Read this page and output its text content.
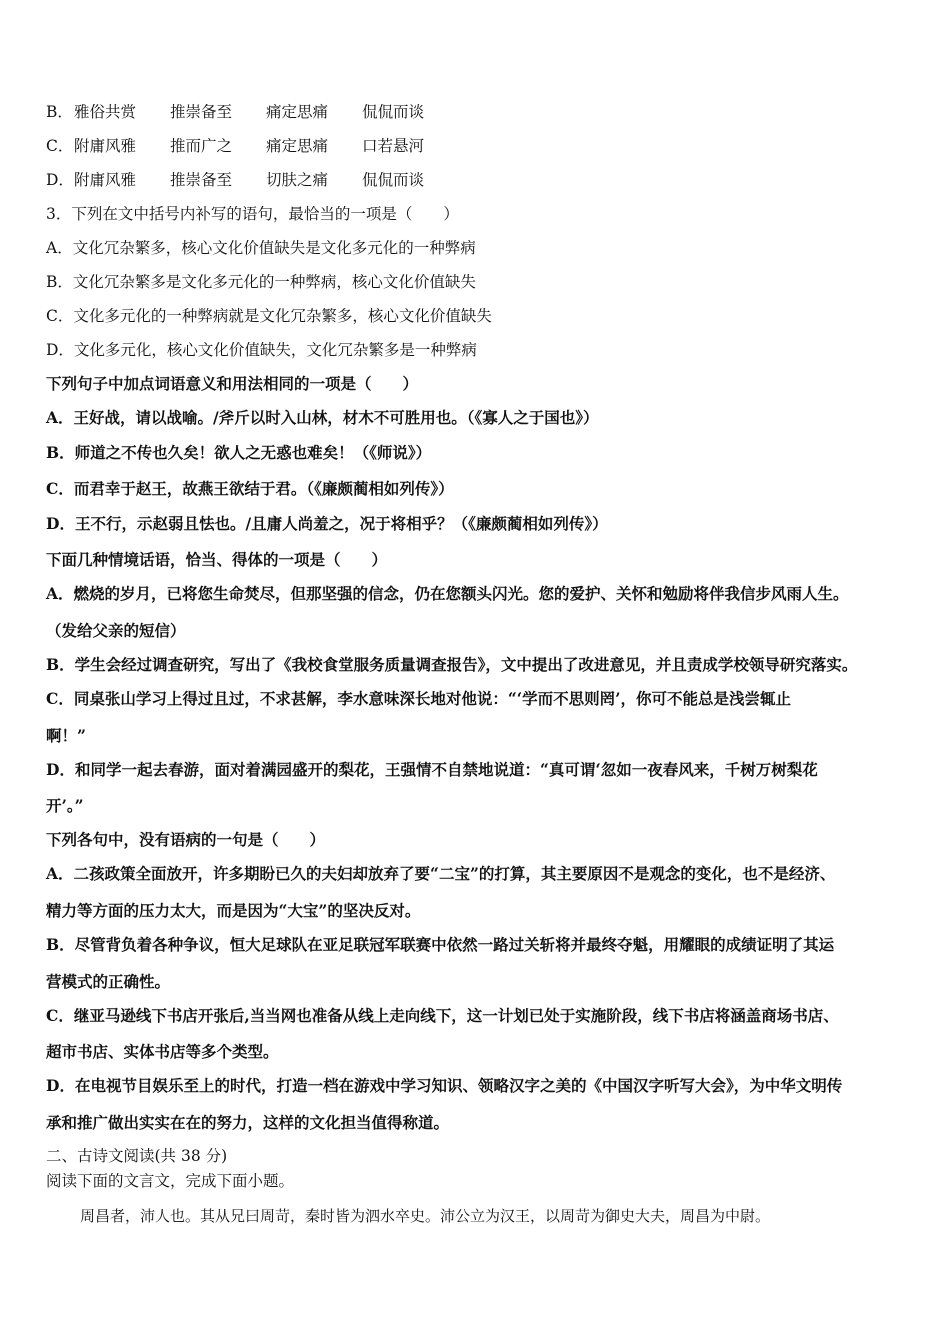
B．雅俗共赏 推崇备至 痛定思痛 侃侃而谈
C．附庸风雅 推而广之 痛定思痛 口若悬河
D．附庸风雅 推崇备至 切肤之痛 侃侃而谈
3．下列在文中括号内补写的语句，最恰当的一项是（　　）
A．文化冗杂繁多，核心文化价值缺失是文化多元化的一种弊病
B．文化冗杂繁多是文化多元化的一种弊病，核心文化价值缺失
C．文化多元化的一种弊病就是文化冗杂繁多，核心文化价值缺失
D．文化多元化，核心文化价值缺失，文化冗杂繁多是一种弊病
下列句子中加点词语意义和用法相同的一项是（　　）
A．王好战，请以战喻。/斧斤以时入山林，材木不可胜用也。（《寡人之于国也》）
B．师道之不传也久矣！欲人之无惑也难矣！（《师说》）
C．而君幸于赵王，故燕王欲结于君。（《廉颇蔺相如列传》）
D．王不行，示赵弱且怯也。/且庸人尚羞之，况于将相乎？（《廉颇蔺相如列传》）
下面几种情境话语，恰当、得体的一项是（　　）
A．燃烧的岁月，已将您生命焚尽，但那坚强的信念，仍在您额头闪光。您的爱护、关怀和勉励将伴我信步风雨人生。
（发给父亲的短信）
B．学生会经过调查研究，写出了《我校食堂服务质量调查报告》，文中提出了改进意见，并且责成学校领导研究落实。
C．同桌张山学习上得过且过，不求甚解，李水意味深长地对他说：“‘学而不思则罔’，你可不能总是浅尝辄止
啊！”
D．和同学一起去春游，面对着满园盛开的梨花，王强情不自禁地说道：“真可谓‘忽如一夜春风来，千树万树梨花
开’。”
下列各句中，没有语病的一句是（　　）
A．二孩政策全面放开，许多期盼已久的夫妇却放弃了要“二宝”的打算，其主要原因不是观念的变化，也不是经济、
精力等方面的压力太大，而是因为“大宝”的坚决反对。
B．尽管背负着各种争议，恒大足球队在亚足联冠军联赛中依然一路过关斩将并最终夺魁，用耀眼的成绩证明了其运
营模式的正确性。
C．继亚马逊线下书店开张后,当当网也准备从线上走向线下，这一计划已处于实施阶段，线下书店将涵盖商场书店、
超市书店、实体书店等多个类型。
D．在电视节目娱乐至上的时代，打造一档在游戏中学习知识、领略汉字之美的《中国汉字听写大会》，为中华文明传
承和推广做出实实在在的努力，这样的文化担当值得称道。
二、古诗文阅读(共 38 分)
阅读下面的文言文，完成下面小题。
周昌者，沛人也。其从兄曰周苛，秦时皆为泗水卒史。沛公立为汉王，以周苛为御史大夫，周昌为中尉。
